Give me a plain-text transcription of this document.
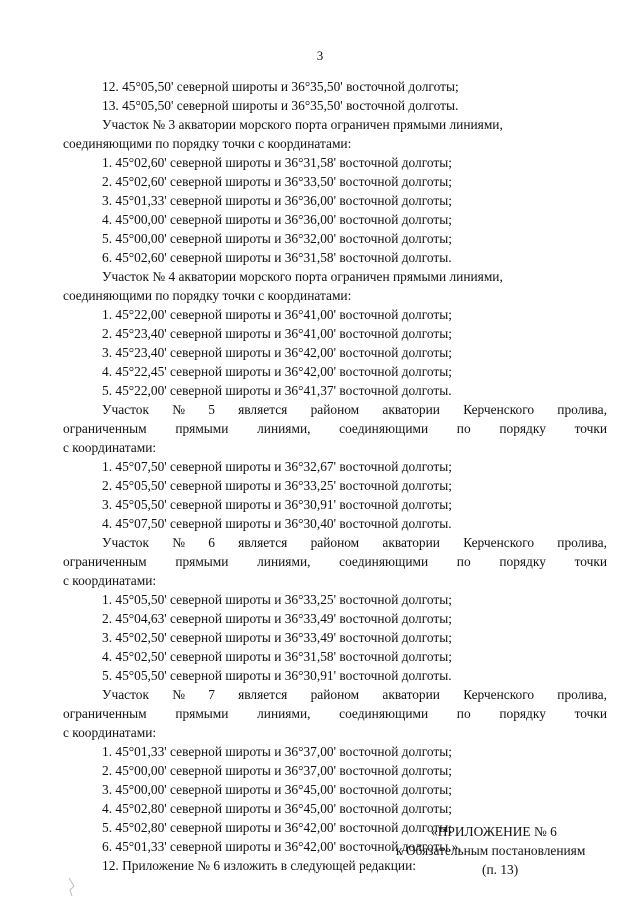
3
12. 45°05,50' северной широты и 36°35,50' восточной долготы;
13. 45°05,50' северной широты и 36°35,50' восточной долготы.
Участок № 3 акватории морского порта ограничен прямыми линиями,
соединяющими по порядку точки с координатами:
1. 45°02,60' северной широты и 36°31,58' восточной долготы;
2. 45°02,60' северной широты и 36°33,50' восточной долготы;
3. 45°01,33' северной широты и 36°36,00' восточной долготы;
4. 45°00,00' северной широты и 36°36,00' восточной долготы;
5. 45°00,00' северной широты и 36°32,00' восточной долготы;
6. 45°02,60' северной широты и 36°31,58' восточной долготы.
Участок № 4 акватории морского порта ограничен прямыми линиями,
соединяющими по порядку точки с координатами:
1. 45°22,00' северной широты и 36°41,00' восточной долготы;
2. 45°23,40' северной широты и 36°41,00' восточной долготы;
3. 45°23,40' северной широты и 36°42,00' восточной долготы;
4. 45°22,45' северной широты и 36°42,00' восточной долготы;
5. 45°22,00' северной широты и 36°41,37' восточной долготы.
Участок № 5 является районом акватории Керченского пролива,
ограниченным прямыми линиями, соединяющими по порядку точки
с координатами:
1. 45°07,50' северной широты и 36°32,67' восточной долготы;
2. 45°05,50' северной широты и 36°33,25' восточной долготы;
3. 45°05,50' северной широты и 36°30,91' восточной долготы;
4. 45°07,50' северной широты и 36°30,40' восточной долготы.
Участок № 6 является районом акватории Керченского пролива,
ограниченным прямыми линиями, соединяющими по порядку точки
с координатами:
1. 45°05,50' северной широты и 36°33,25' восточной долготы;
2. 45°04,63' северной широты и 36°33,49' восточной долготы;
3. 45°02,50' северной широты и 36°33,49' восточной долготы;
4. 45°02,50' северной широты и 36°31,58' восточной долготы;
5. 45°05,50' северной широты и 36°30,91' восточной долготы.
Участок № 7 является районом акватории Керченского пролива,
ограниченным прямыми линиями, соединяющими по порядку точки
с координатами:
1. 45°01,33' северной широты и 36°37,00' восточной долготы;
2. 45°00,00' северной широты и 36°37,00' восточной долготы;
3. 45°00,00' северной широты и 36°45,00' восточной долготы;
4. 45°02,80' северной широты и 36°45,00' восточной долготы;
5. 45°02,80' северной широты и 36°42,00' восточной долготы;
6. 45°01,33' северной широты и 36°42,00' восточной долготы.».
12. Приложение № 6 изложить в следующей редакции:
«ПРИЛОЖЕНИЕ № 6
к Обязательным постановлениям
(п. 13)
